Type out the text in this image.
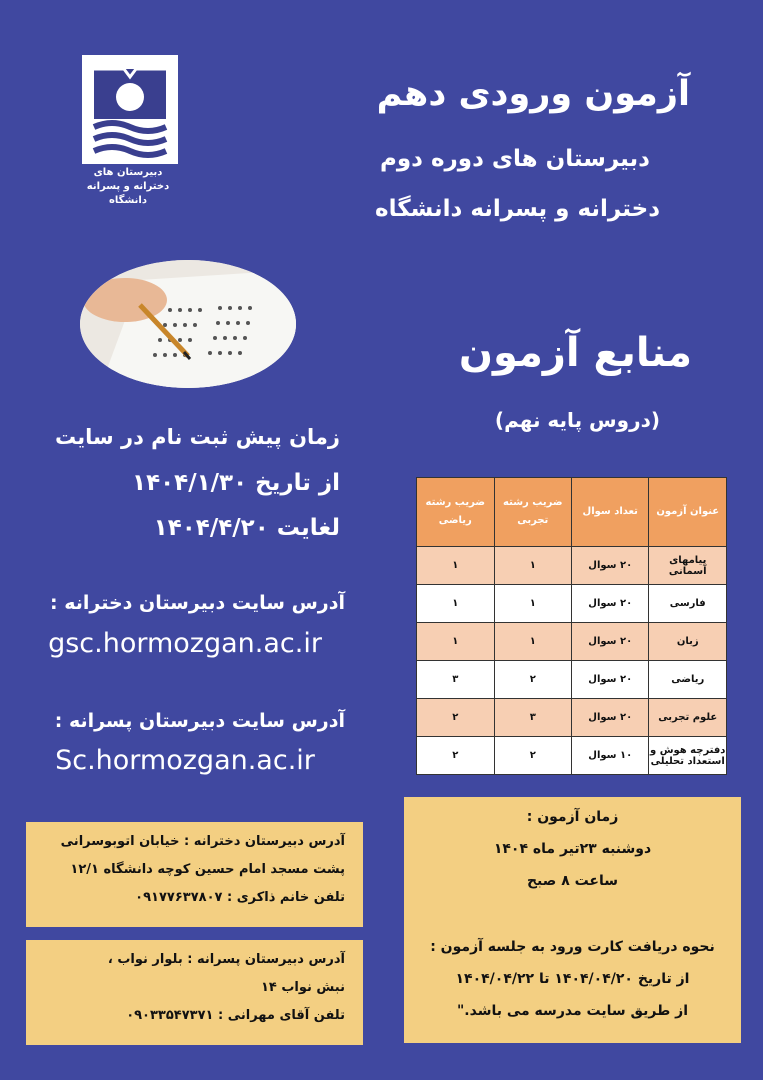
دبیرستان های
دخترانه و پسرانه
دانشگاه
آزمون ورودی دهم
دبیرستان های دوره دوم
دخترانه و پسرانه دانشگاه
منابع آزمون
(دروس پایه نهم)
زمان پیش ثبت نام در سایت
از تاریخ ۱۴۰۴/۱/۳۰
لغایت ۱۴۰۴/۴/۲۰
آدرس سایت دبیرستان دخترانه :
gsc.hormozgan.ac.ir
آدرس سایت دبیرستان پسرانه :
Sc.hormozgan.ac.ir
عنوان آزمون	تعداد سوال	ضریب رشته تجربی	ضریب رشته ریاضی
پیامهای آسمانی	۲۰ سوال	۱	۱
فارسی	۲۰ سوال	۱	۱
زبان	۲۰ سوال	۱	۱
ریاضی	۲۰ سوال	۲	۳
علوم تجربی	۲۰ سوال	۳	۲
دفترچه هوش و استعداد تحلیلی	۱۰ سوال	۲	۲
آدرس دبیرستان دخترانه : خیابان اتوبوسرانی
پشت مسجد امام حسین کوچه دانشگاه ۱۲/۱
تلفن خانم ذاکری : ۰۹۱۷۷۶۳۷۸۰۷
آدرس دبیرستان پسرانه : بلوار نواب ،
نبش نواب ۱۴
تلفن آقای مهرانی : ۰۹۰۳۳۵۴۷۳۷۱
زمان آزمون :
دوشنبه ۲۳تیر ماه ۱۴۰۴
ساعت ۸ صبح
نحوه دریافت کارت ورود به جلسه آزمون :
از تاریخ ۱۴۰۴/۰۴/۲۰ تا ۱۴۰۴/۰۴/۲۲
از طریق سایت مدرسه می باشد."
